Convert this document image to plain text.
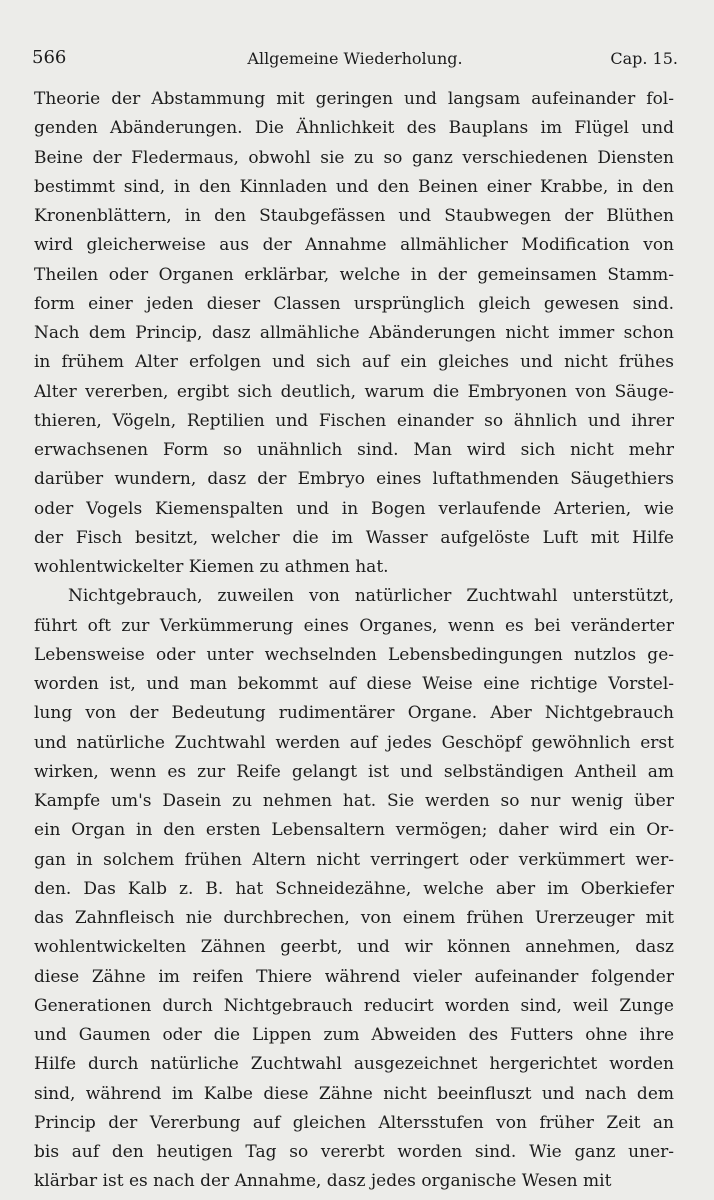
566	Allgemeine Wiederholung.	Cap. 15.
Theorie der Abstammung mit geringen und langsam aufeinander fol-
genden Abänderungen. Die Ähnlichkeit des Bauplans im Flügel und
Beine der Fledermaus, obwohl sie zu so ganz verschiedenen Diensten
bestimmt sind, in den Kinnladen und den Beinen einer Krabbe, in den
Kronenblättern, in den Staubgefässen und Staubwegen der Blüthen
wird gleicherweise aus der Annahme allmählicher Modification von
Theilen oder Organen erklärbar, welche in der gemeinsamen Stamm-
form einer jeden dieser Classen ursprünglich gleich gewesen sind.
Nach dem Princip, dasz allmähliche Abänderungen nicht immer schon
in frühem Alter erfolgen und sich auf ein gleiches und nicht frühes
Alter vererben, ergibt sich deutlich, warum die Embryonen von Säuge-
thieren, Vögeln, Reptilien und Fischen einander so ähnlich und ihrer
erwachsenen Form so unähnlich sind. Man wird sich nicht mehr
darüber wundern, dasz der Embryo eines luftathmenden Säugethiers
oder Vogels Kiemenspalten und in Bogen verlaufende Arterien, wie
der Fisch besitzt, welcher die im Wasser aufgelöste Luft mit Hilfe
wohlentwickelter Kiemen zu athmen hat.
Nichtgebrauch, zuweilen von natürlicher Zuchtwahl unterstützt,
führt oft zur Verkümmerung eines Organes, wenn es bei veränderter
Lebensweise oder unter wechselnden Lebensbedingungen nutzlos ge-
worden ist, und man bekommt auf diese Weise eine richtige Vorstel-
lung von der Bedeutung rudimentärer Organe. Aber Nichtgebrauch
und natürliche Zuchtwahl werden auf jedes Geschöpf gewöhnlich erst
wirken, wenn es zur Reife gelangt ist und selbständigen Antheil am
Kampfe um's Dasein zu nehmen hat. Sie werden so nur wenig über
ein Organ in den ersten Lebensaltern vermögen; daher wird ein Or-
gan in solchem frühen Altern nicht verringert oder verkümmert wer-
den. Das Kalb z. B. hat Schneidezähne, welche aber im Oberkiefer
das Zahnfleisch nie durchbrechen, von einem frühen Urerzeuger mit
wohlentwickelten Zähnen geerbt, und wir können annehmen, dasz
diese Zähne im reifen Thiere während vieler aufeinander folgender
Generationen durch Nichtgebrauch reducirt worden sind, weil Zunge
und Gaumen oder die Lippen zum Abweiden des Futters ohne ihre
Hilfe durch natürliche Zuchtwahl ausgezeichnet hergerichtet worden
sind, während im Kalbe diese Zähne nicht beeinfluszt und nach dem
Princip der Vererbung auf gleichen Altersstufen von früher Zeit an
bis auf den heutigen Tag so vererbt worden sind. Wie ganz uner-
klärbar ist es nach der Annahme, dasz jedes organische Wesen mit
